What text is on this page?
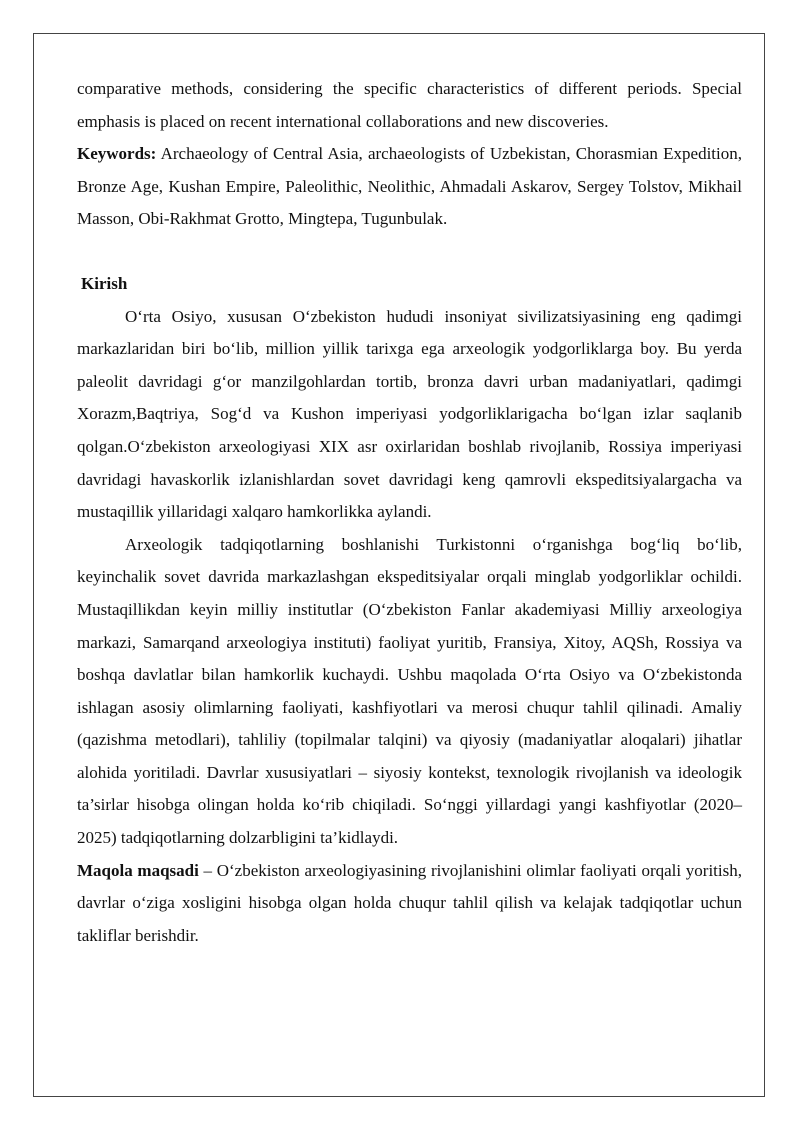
comparative methods, considering the specific characteristics of different periods. Special emphasis is placed on recent international collaborations and new discoveries.

Keywords: Archaeology of Central Asia, archaeologists of Uzbekistan, Chorasmian Expedition, Bronze Age, Kushan Empire, Paleolithic, Neolithic, Ahmadali Askarov, Sergey Tolstov, Mikhail Masson, Obi-Rakhmat Grotto, Mingtepa, Tugunbulak.

Kirish

O‘rta Osiyo, xususan O‘zbekiston hududi insoniyat sivilizatsiyasining eng qadimgi markazlaridan biri bo‘lib, million yillik tarixga ega arxeologik yodgorliklarga boy. Bu yerda paleolit davridagi g‘or manzilgohlardan tortib, bronza davri urban madaniyatlari, qadimgi Xorazm,Baqtriya, Sog‘d va Kushon imperiyasi yodgorliklarigacha bo‘lgan izlar saqlanib qolgan.O‘zbekiston arxeologiyasi XIX asr oxirlaridan boshlab rivojlanib, Rossiya imperiyasi davridagi havaskorlik izlanishlardan sovet davridagi keng qamrovli ekspeditsiyalargacha va mustaqillik yillaridagi xalqaro hamkorlikka aylandi.

Arxeologik tadqiqotlarning boshlanishi Turkistonni o‘rganishga bog‘liq bo‘lib, keyinchalik sovet davrida markazlashgan ekspeditsiyalar orqali minglab yodgorliklar ochildi. Mustaqillikdan keyin milliy institutlar (O‘zbekiston Fanlar akademiyasi Milliy arxeologiya markazi, Samarqand arxeologiya instituti) faoliyat yuritib, Fransiya, Xitoy, AQSh, Rossiya va boshqa davlatlar bilan hamkorlik kuchaydi. Ushbu maqolada O‘rta Osiyo va O‘zbekistonda ishlagan asosiy olimlarning faoliyati, kashfiyotlari va merosi chuqur tahlil qilinadi. Amaliy (qazishma metodlari), tahliliy (topilmalar talqini) va qiyosiy (madaniyatlar aloqalari) jihatlar alohida yoritiladi. Davrlar xususiyatlari – siyosiy kontekst, texnologik rivojlanish va ideologik ta’sirlar hisobga olingan holda ko‘rib chiqiladi. So‘nggi yillardagi yangi kashfiyotlar (2020–2025) tadqiqotlarning dolzarbligini ta’kidlaydi.

Maqola maqsadi – O‘zbekiston arxeologiyasining rivojlanishini olimlar faoliyati orqali yoritish, davrlar o‘ziga xosligini hisobga olgan holda chuqur tahlil qilish va kelajak tadqiqotlar uchun takliflar berishdir.
